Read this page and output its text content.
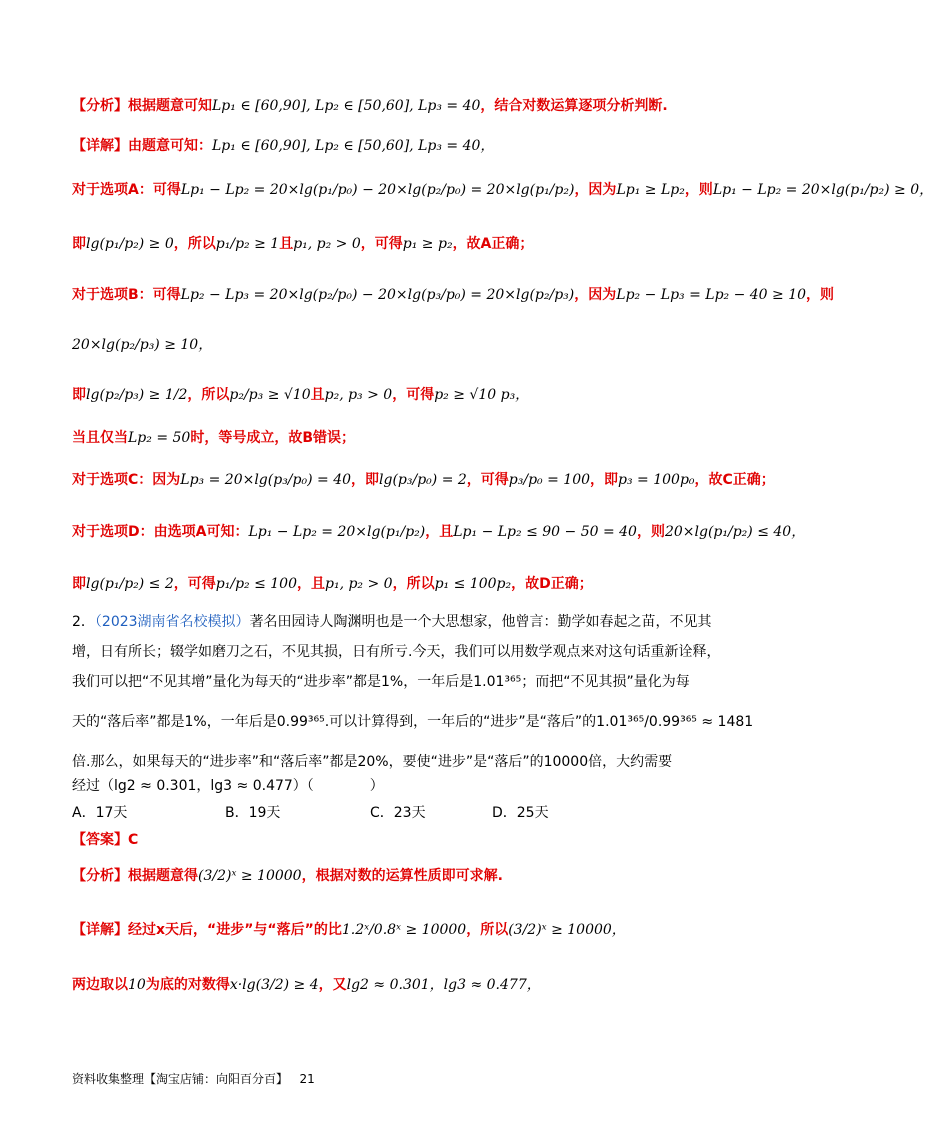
【分析】根据题意可知Lp₁ ∈ [60,90], Lp₂ ∈ [50,60], Lp₃ = 40，结合对数运算逐项分析判断.
【详解】由题意可知：Lp₁ ∈ [60,90], Lp₂ ∈ [50,60], Lp₃ = 40，
对于选项A：可得Lp₁ − Lp₂ = 20×lg(p₁/p₀) − 20×lg(p₂/p₀) = 20×lg(p₁/p₂)，因为Lp₁ ≥ Lp₂，则Lp₁ − Lp₂ = 20×lg(p₁/p₂) ≥ 0，
即lg(p₁/p₂) ≥ 0，所以p₁/p₂ ≥ 1且p₁, p₂ > 0，可得p₁ ≥ p₂，故A正确；
对于选项B：可得Lp₂ − Lp₃ = 20×lg(p₂/p₀) − 20×lg(p₃/p₀) = 20×lg(p₂/p₃)，因为Lp₂ − Lp₃ = Lp₂ − 40 ≥ 10，则
20×lg(p₂/p₃) ≥ 10，
即lg(p₂/p₃) ≥ 1/2，所以p₂/p₃ ≥ √10且p₂, p₃ > 0，可得p₂ ≥ √10 p₃，
当且仅当Lp₂ = 50时，等号成立，故B错误；
对于选项C：因为Lp₃ = 20×lg(p₃/p₀) = 40，即lg(p₃/p₀) = 2，可得p₃/p₀ = 100，即p₃ = 100p₀，故C正确；
对于选项D：由选项A可知：Lp₁ − Lp₂ = 20×lg(p₁/p₂)，且Lp₁ − Lp₂ ≤ 90 − 50 = 40，则20×lg(p₁/p₂) ≤ 40，
即lg(p₁/p₂) ≤ 2，可得p₁/p₂ ≤ 100，且p₁, p₂ > 0，所以p₁ ≤ 100p₂，故D正确；
2．（2023湖南省名校模拟）著名田园诗人陶渊明也是一个大思想家，他曾言：勤学如春起之苗，不见其
增，日有所长；辍学如磨刀之石，不见其损，日有所亏.今天，我们可以用数学观点来对这句话重新诠释，
我们可以把“不见其增”量化为每天的“进步率”都是1%，一年后是1.01³⁶⁵；而把“不见其损”量化为每
天的“落后率”都是1%，一年后是0.99³⁶⁵.可以计算得到，一年后的“进步”是“落后”的1.01³⁶⁵/0.99³⁶⁵ ≈ 1481
倍.那么，如果每天的“进步率”和“落后率”都是20%，要使“进步”是“落后”的10000倍，大约需要
经过（lg2 ≈ 0.301，lg3 ≈ 0.477）（　　　　）
A．17天	B．19天	C．23天	D．25天
【答案】C
【分析】根据题意得(3/2)ˣ ≥ 10000，根据对数的运算性质即可求解.
【详解】经过x天后，“进步”与“落后”的比1.2ˣ/0.8ˣ ≥ 10000，所以(3/2)ˣ ≥ 10000，
两边取以10为底的对数得x·lg(3/2) ≥ 4，又lg2 ≈ 0.301，lg3 ≈ 0.477，
资料收集整理【淘宝店铺：向阳百分百】 21
